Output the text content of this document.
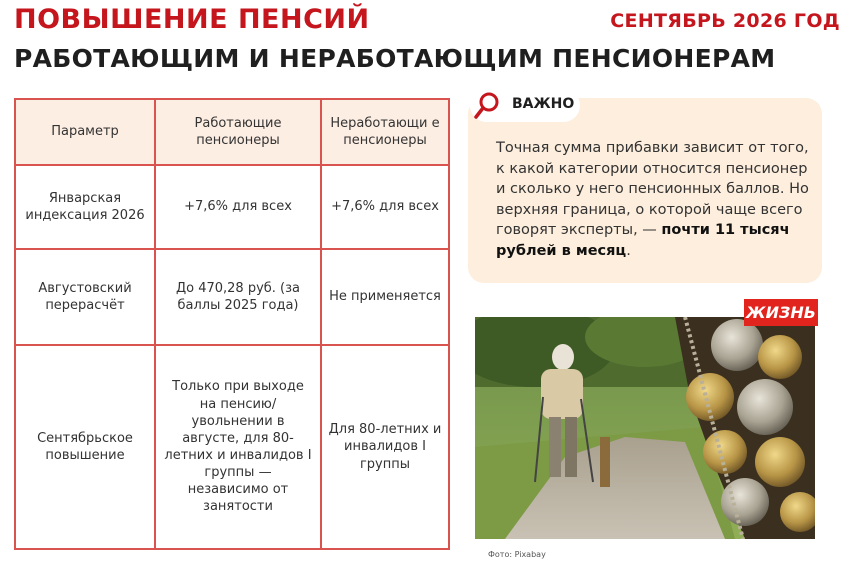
ПОВЫШЕНИЕ ПЕНСИЙ
РАБОТАЮЩИМ И НЕРАБОТАЮЩИМ ПЕНСИОНЕРАМ
СЕНТЯБРЬ 2026 ГОД
Параметр	Работающие пенсионеры	Неработающи е пенсионеры
Январская индексация 2026	+7,6% для всех	+7,6% для всех
Августовский перерасчёт	До 470,28 руб. (за баллы 2025 года)	Не применяется
Сентябрьское повышение	Только при выходе на пенсию/ увольнении в августе, для 80-летних и инвалидов I группы — независимо от занятости	Для 80-летних и инвалидов I группы
ВАЖНО
Точная сумма прибавки зависит от того, к какой категории относится пенсионер и сколько у него пенсионных баллов. Но верхняя граница, о которой чаще всего говорят эксперты, — почти 11 тысяч рублей в месяц.
ЖИЗНЬ
Фото: Pixabay
